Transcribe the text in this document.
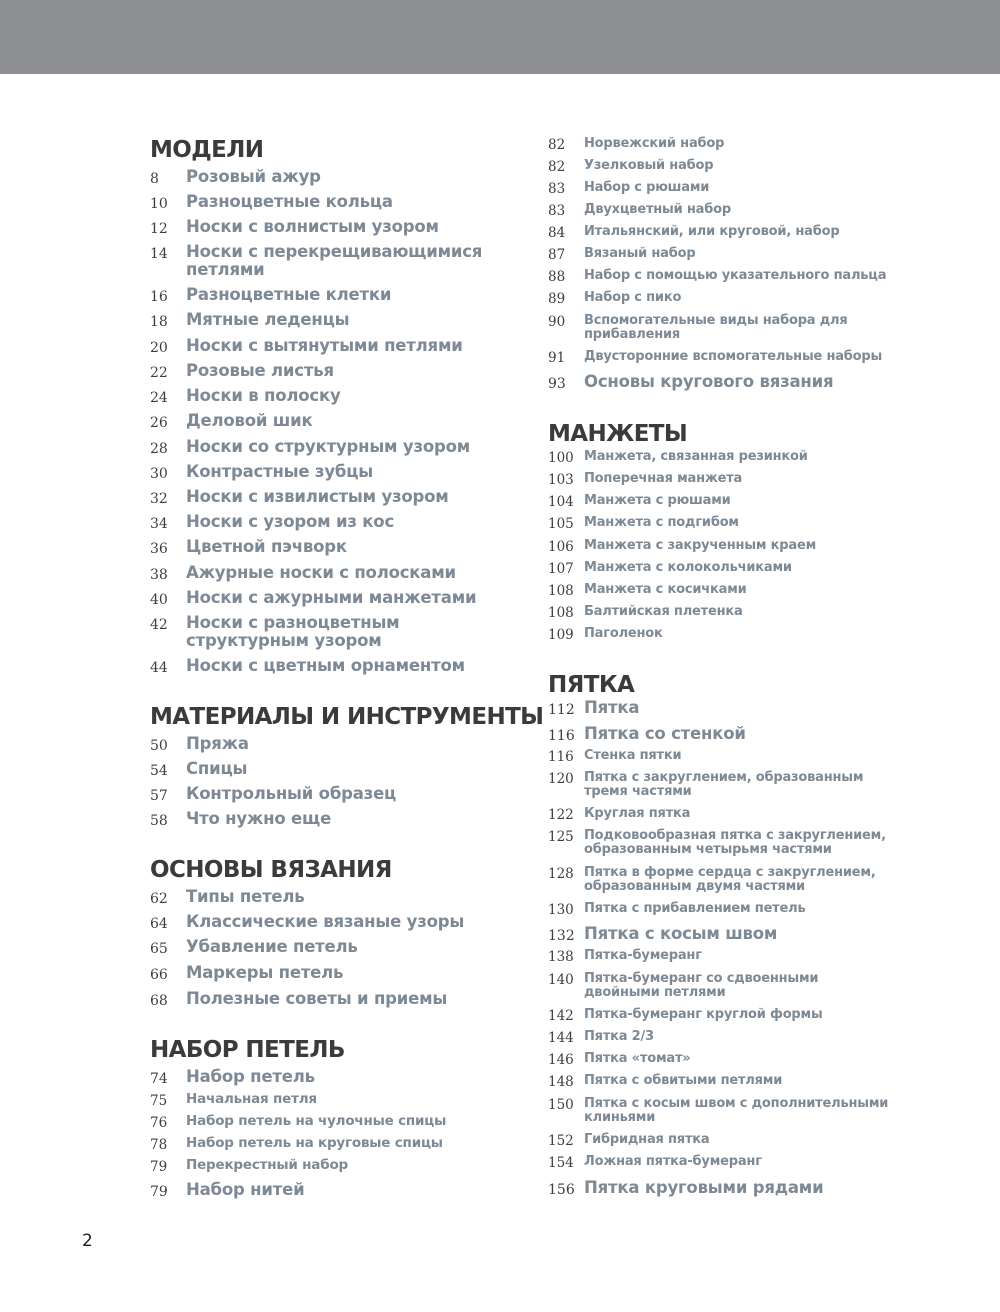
МОДЕЛИ
8 Розовый ажур
10 Разноцветные кольца
12 Носки с волнистым узором
14 Носки с перекрещивающимися
петлями
16 Разноцветные клетки
18 Мятные леденцы
20 Носки с вытянутыми петлями
22 Розовые листья
24 Носки в полоску
26 Деловой шик
28 Носки со структурным узором
30 Контрастные зубцы
32 Носки с извилистым узором
34 Носки с узором из кос
36 Цветной пэчворк
38 Ажурные носки с полосками
40 Носки с ажурными манжетами
42 Носки с разноцветным
структурным узором
44 Носки с цветным орнаментом
МАТЕРИАЛЫ И ИНСТРУМЕНТЫ
50 Пряжа
54 Спицы
57 Контрольный образец
58 Что нужно еще
ОСНОВЫ ВЯЗАНИЯ
62 Типы петель
64 Классические вязаные узоры
65 Убавление петель
66 Маркеры петель
68 Полезные советы и приемы
НАБОР ПЕТЕЛЬ
74 Набор петель
75 Начальная петля
76 Набор петель на чулочные спицы
78 Набор петель на круговые спицы
79 Перекрестный набор
79 Набор нитей
82 Норвежский набор
82 Узелковый набор
83 Набор с рюшами
83 Двухцветный набор
84 Итальянский, или круговой, набор
87 Вязаный набор
88 Набор с помощью указательного пальца
89 Набор с пико
90 Вспомогательные виды набора для
прибавления
91 Двусторонние вспомогательные наборы
93 Основы кругового вязания
МАНЖЕТЫ
100 Манжета, связанная резинкой
103 Поперечная манжета
104 Манжета с рюшами
105 Манжета с подгибом
106 Манжета с закрученным краем
107 Манжета с колокольчиками
108 Манжета с косичками
108 Балтийская плетенка
109 Паголенок
ПЯТКА
112 Пятка
116 Пятка со стенкой
116 Стенка пятки
120 Пятка с закруглением, образованным
тремя частями
122 Круглая пятка
125 Подковообразная пятка с закруглением,
образованным четырьмя частями
128 Пятка в форме сердца с закруглением,
образованным двумя частями
130 Пятка с прибавлением петель
132 Пятка с косым швом
138 Пятка-бумеранг
140 Пятка-бумеранг со сдвоенными
двойными петлями
142 Пятка-бумеранг круглой формы
144 Пятка 2/3
146 Пятка «томат»
148 Пятка с обвитыми петлями
150 Пятка с косым швом с дополнительными
клиньями
152 Гибридная пятка
154 Ложная пятка-бумеранг
156 Пятка круговыми рядами
2
